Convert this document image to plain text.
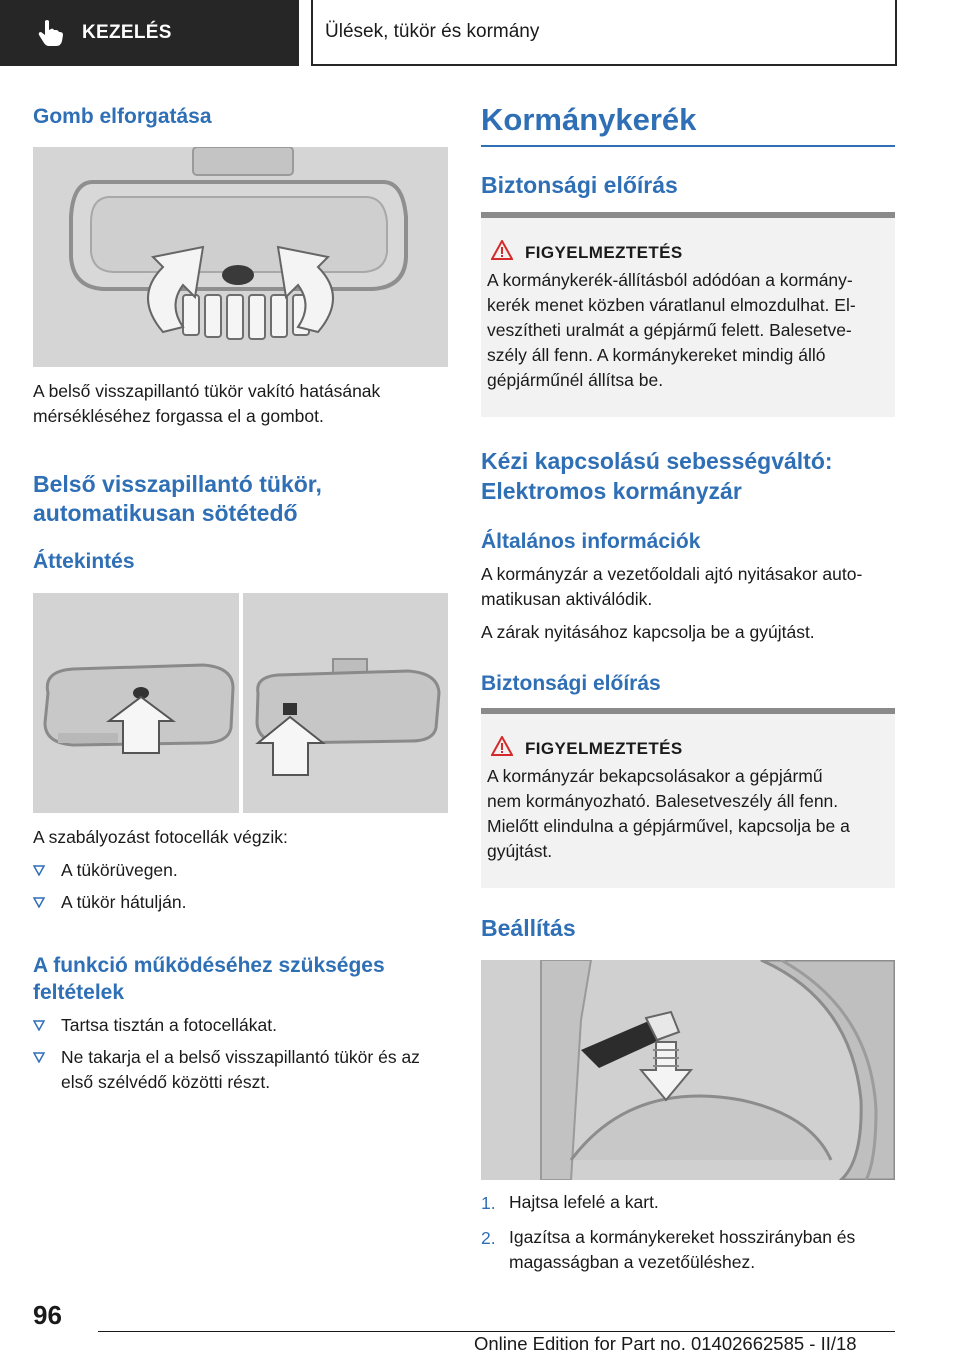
KEZELÉS	Ülések, tükör és kormány
Gomb elforgatása

A belső visszapillantó tükör vakító hatásának
mérsékléséhez forgassa el a gombot.

Belső visszapillantó tükör,
automatikusan sötétedő
Áttekintés

A szabályozást fotocellák végzik:

A tükörüvegen.
A tükör hátulján.
A funkció működéséhez szükséges
feltételek
Tartsa tisztán a fotocellákat.
Ne takarja el a belső visszapillantó tükör és az
első szélvédő közötti részt.
Kormánykerék
Biztonsági előírás
FIGYELMEZTETÉS
A kormánykerék-állításból adódóan a kormány-
kerék menet közben váratlanul elmozdulhat. El-
veszítheti uralmát a gépjármű felett. Balesetve-
szély áll fenn. A kormánykereket mindig álló
gépjárműnél állítsa be.
Kézi kapcsolású sebességváltó:
Elektromos kormányzár
Általános információk

A kormányzár a vezetőoldali ajtó nyitásakor auto-
matikusan aktiválódik.

A zárak nyitásához kapcsolja be a gyújtást.

Biztonsági előírás
FIGYELMEZTETÉS
A kormányzár bekapcsolásakor a gépjármű
nem kormányozható. Balesetveszély áll fenn.
Mielőtt elindulna a gépjárművel, kapcsolja be a
gyújtást.
Beállítás
1. Hajtsa lefelé a kart.
2. Igazítsa a kormánykereket hosszirányban és
magasságban a vezetőüléshez.
96
Online Edition for Part no. 01402662585 - II/18
